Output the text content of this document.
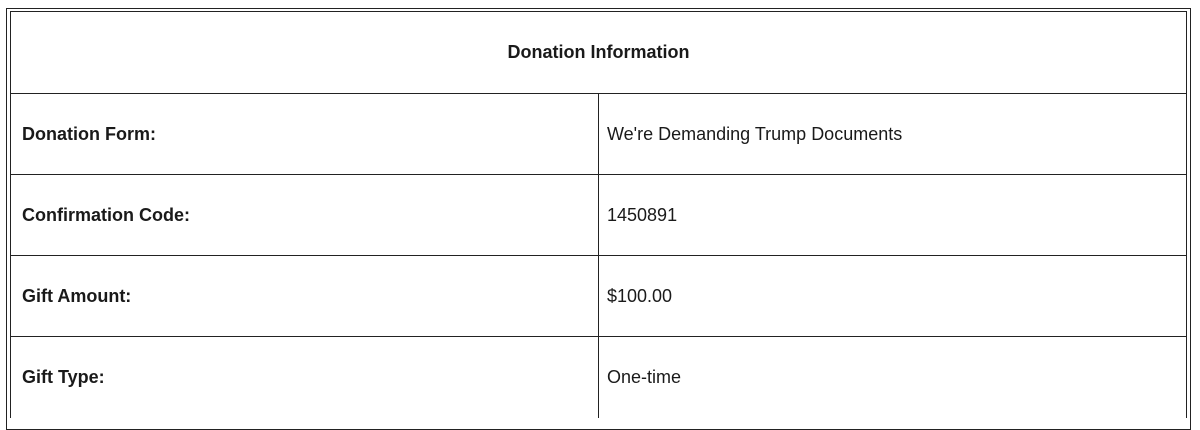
Donation Information	
Donation Form:	We're Demanding Trump Documents
Confirmation Code:	1450891
Gift Amount:	$100.00
Gift Type:	One-time
